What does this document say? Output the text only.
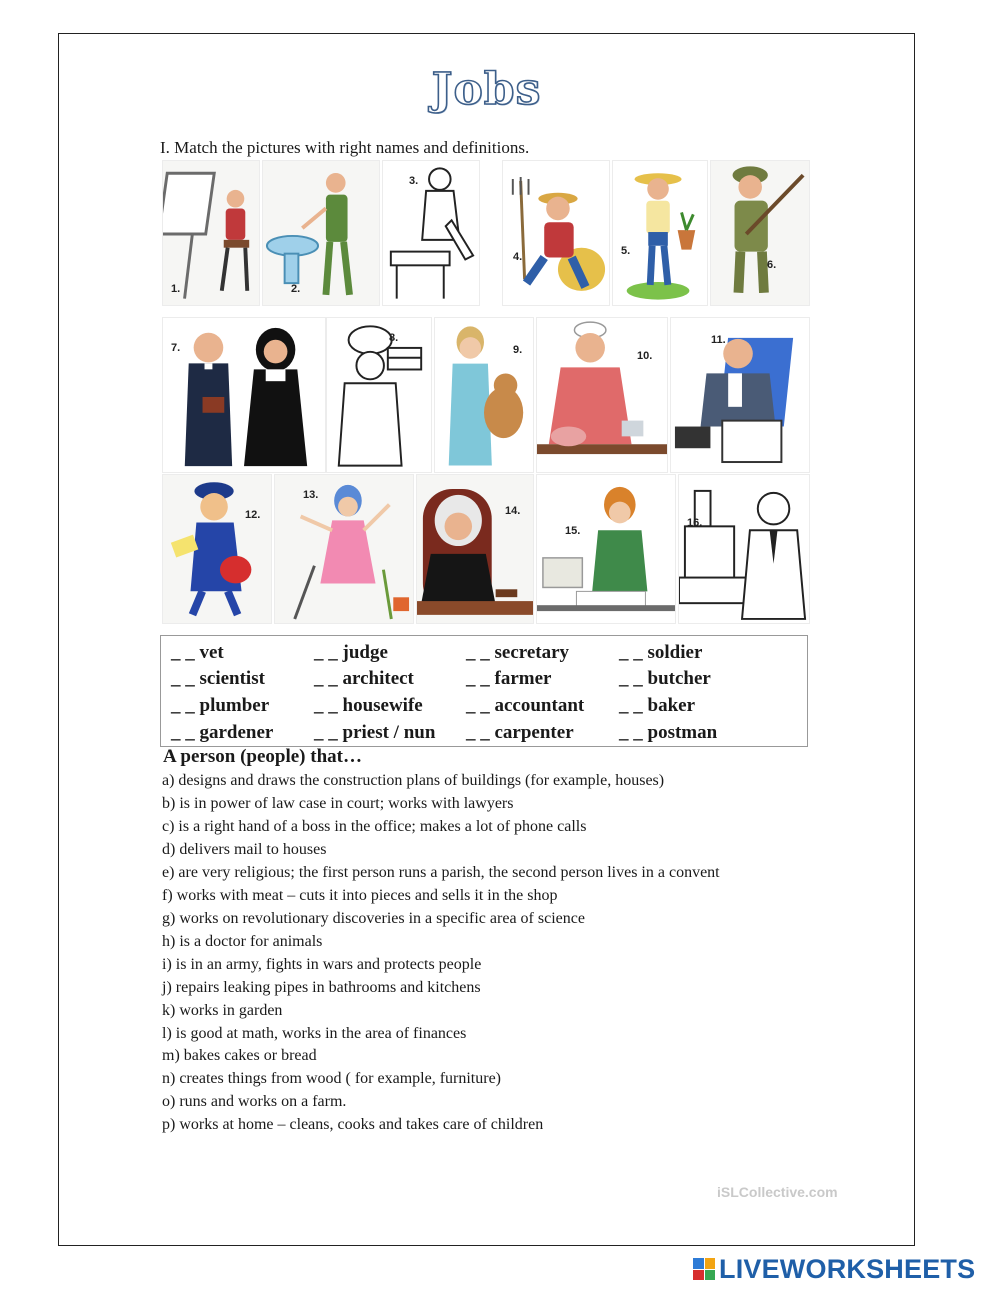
Jobs
I. Match the pictures with right names and definitions.
1.	2.
3.
4.	5.
6.
7.
8.
9.	10.
11.
12.
13.
14.
15.
16.
_ _ vet	_ _ judge	_ _ secretary	_ _ soldier
_ _ scientist	_ _ architect	_ _ farmer	_ _ butcher
_ _ plumber _ _ housewife _ _ accountant _ _ baker
_ _ gardener _ _ priest / nun _ _ carpenter _ _ postman
A person (people) that…
a) designs and draws the construction plans of buildings (for example, houses)
b) is in power of law case in court; works with lawyers
c) is a right hand of a boss in the office; makes a lot of phone calls
d) delivers mail to houses
e) are very religious; the first person runs a parish, the second person lives in a convent
f) works with meat – cuts it into pieces and sells it in the shop
g) works on revolutionary discoveries in a specific area of science
h) is a doctor for animals
i) is in an army, fights in wars and protects people
j) repairs leaking pipes in bathrooms and kitchens
k) works in garden
l) is good at math, works in the area of finances
m) bakes cakes or bread
n) creates things from wood ( for example, furniture)
o) runs and works on a farm.
p) works at home – cleans, cooks and takes care of children
iSLCollective.com
LIVEWORKSHEETS
